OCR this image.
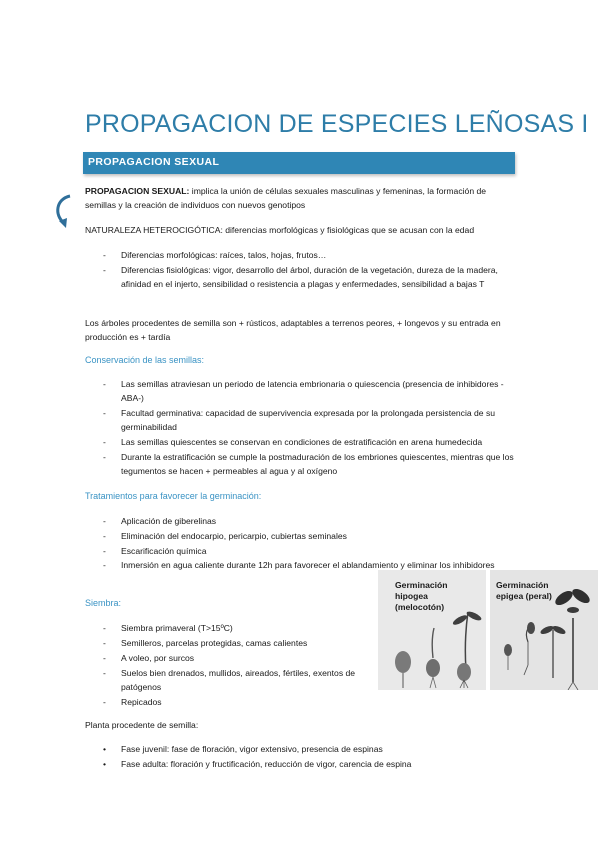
PROPAGACION DE ESPECIES LEÑOSAS I
PROPAGACION SEXUAL
PROPAGACION SEXUAL: implica la unión de células sexuales masculinas y femeninas, la formación de semillas y la creación de individuos con nuevos genotipos
NATURALEZA HETEROCIGÓTICA: diferencias morfológicas y fisiológicas que se acusan con la edad
- Diferencias morfológicas: raíces, talos, hojas, frutos…
- Diferencias fisiológicas: vigor, desarrollo del árbol, duración de la vegetación, dureza de la madera, afinidad en el injerto, sensibilidad o resistencia a plagas y enfermedades, sensibilidad a bajas T
Los árboles procedentes de semilla son + rústicos, adaptables a terrenos peores, + longevos y su entrada en producción es + tardía
Conservación de las semillas:
- Las semillas atraviesan un periodo de latencia embrionaria o quiescencia (presencia de inhibidores -ABA-)
- Facultad germinativa: capacidad de supervivencia expresada por la prolongada persistencia de su germinabilidad
- Las semillas quiescentes se conservan en condiciones de estratificación en arena humedecida
- Durante la estratificación se cumple la postmaduración de los embriones quiescentes, mientras que los tegumentos se hacen + permeables al agua y al oxígeno
Tratamientos para favorecer la germinación:
- Aplicación de giberelinas
- Eliminación del endocarpio, pericarpio, cubiertas seminales
- Escarificación química
- Inmersión en agua caliente durante 12h para favorecer el ablandamiento y eliminar los inhibidores
Siembra:
- Siembra primaveral (T>15ºC)
- Semilleros, parcelas protegidas, camas calientes
- A voleo, por surcos
- Suelos bien drenados, mullidos, aireados, fértiles, exentos de patógenos
- Repicados
Planta procedente de semilla:
• Fase juvenil: fase de floración, vigor extensivo, presencia de espinas
• Fase adulta: floración y fructificación, reducción de vigor, carencia de espina
Germinación
hipogea
(melocotón)
Germinación
epigea (peral)
